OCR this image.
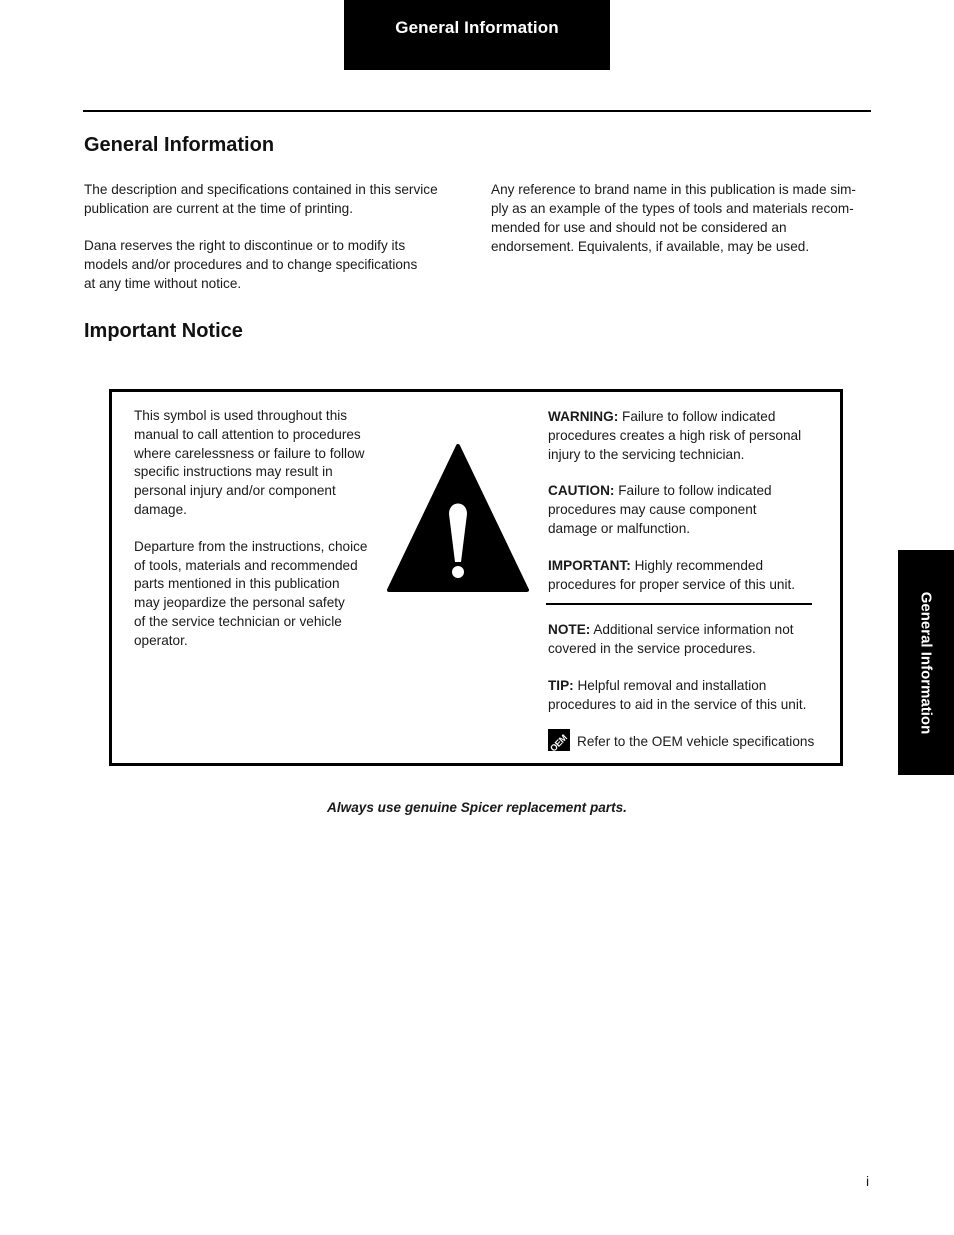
General Information
General Information

The description and specifications contained in this service
publication are current at the time of printing.

Dana reserves the right to discontinue or to modify its
models and/or procedures and to change specifications
at any time without notice.

Any reference to brand name in this publication is made sim-
ply as an example of the types of tools and materials recom-
mended for use and should not be considered an
endorsement. Equivalents, if available, may be used.

Important Notice

This symbol is used throughout this
manual to call attention to procedures
where carelessness or failure to follow
specific instructions may result in
personal injury and/or component
damage.

Departure from the instructions, choice
of tools, materials and recommended
parts mentioned in this publication
may jeopardize the personal safety
of the service technician or vehicle
operator.

WARNING: Failure to follow indicated
procedures creates a high risk of personal
injury to the servicing technician.

CAUTION: Failure to follow indicated
procedures may cause component
damage or malfunction.

IMPORTANT: Highly recommended
procedures for proper service of this unit.

NOTE: Additional service information not
covered in the service procedures.

TIP: Helpful removal and installation
procedures to aid in the service of this unit.

OEM Refer to the OEM vehicle specifications
Always use genuine Spicer replacement parts.
General Information
i
